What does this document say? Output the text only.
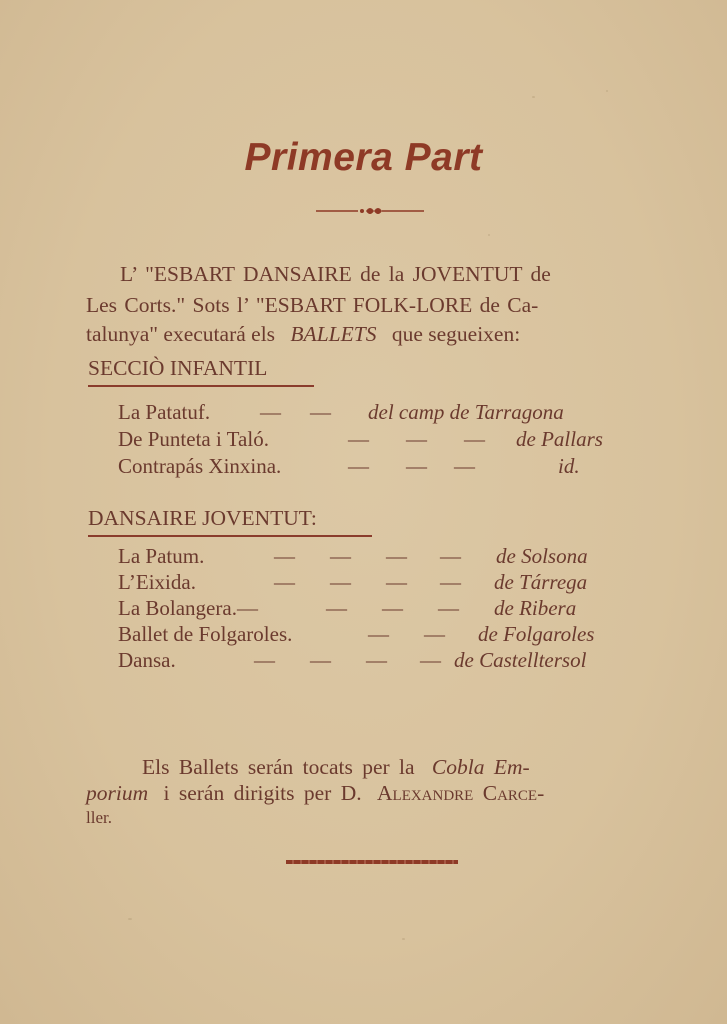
Primera Part
L’ "ESBART DANSAIRE de la JOVENTUT de
Les Corts." Sots l’ "ESBART FOLK-LORE de Ca-
talunya" executará els BALLETS que segueixen:
SECCIÒ INFANTIL
La Patatuf. — — del camp de Tarragona
De Punteta i Taló.	— — — de Pallars
Contrapás Xinxina.	— — —	id.
DANSAIRE JOVENTUT:
La Patum.	— — — — de Solsona
L’Eixida.	— — — — de Tárrega
La Bolangera.—	— — — de Ribera
Ballet de Folgaroles.	— — de Folgaroles
Dansa.	— — — — de Castelltersol
Els Ballets serán tocats per la Cobla Em-
porium i serán dirigits per D. Alexandre Carce-
ller.
